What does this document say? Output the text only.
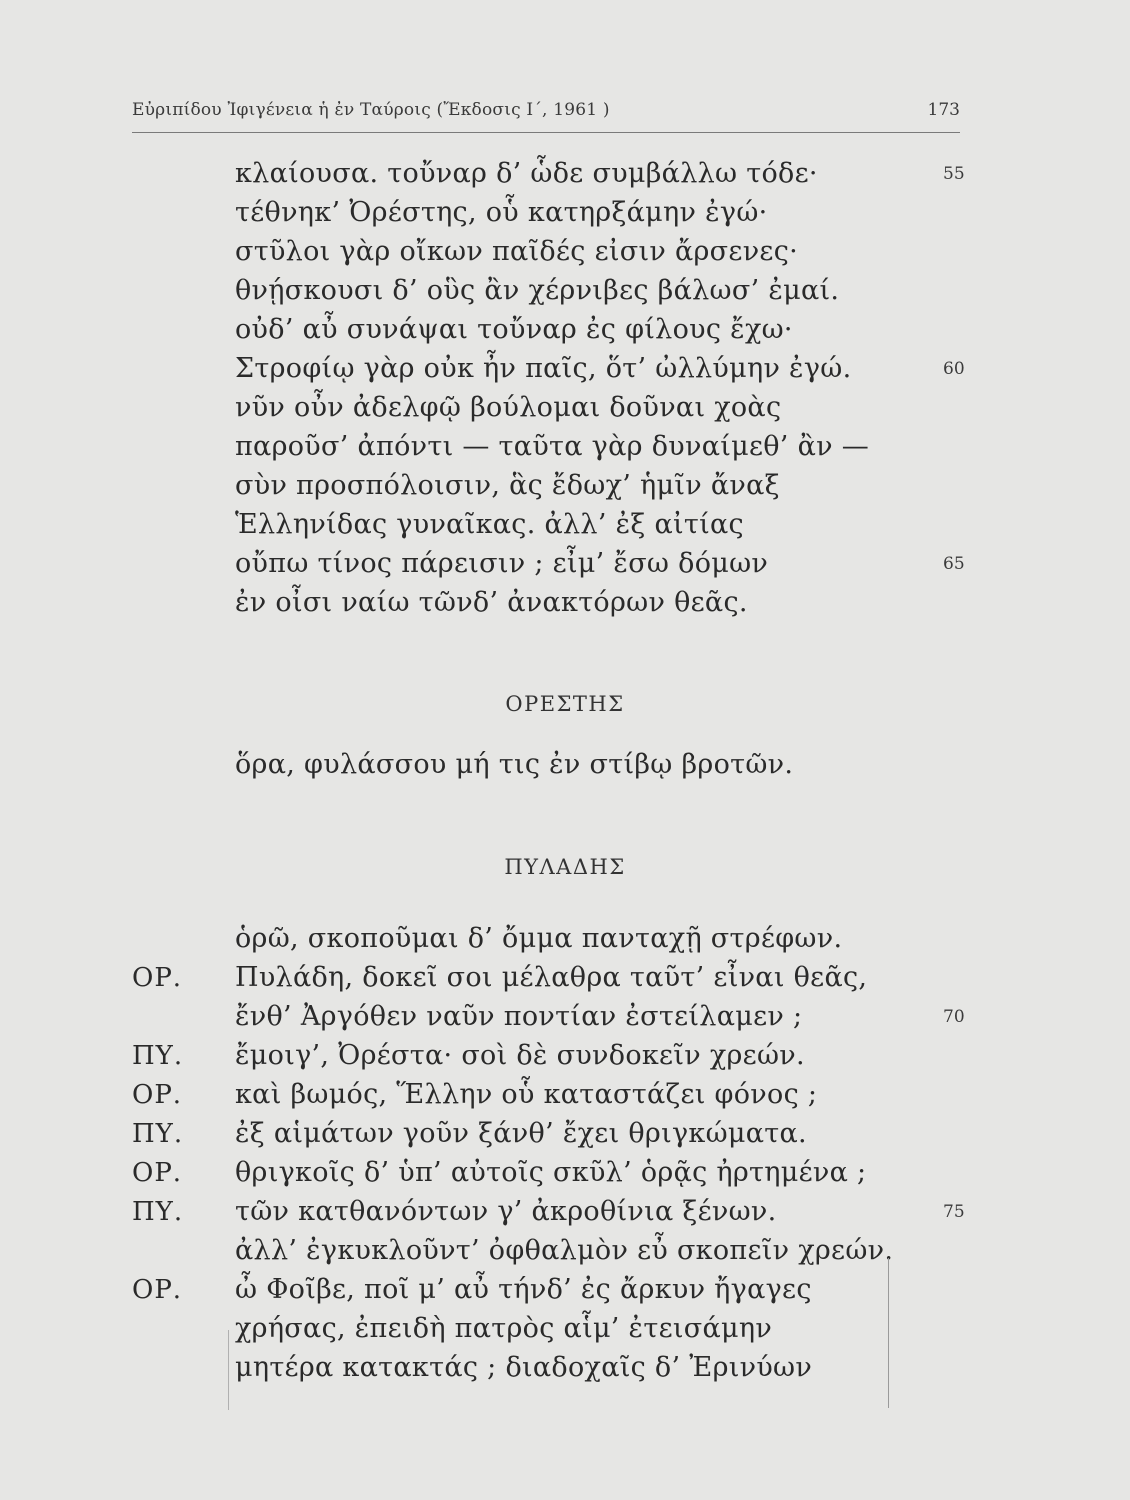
Εὐριπίδου Ἰφιγένεια ἡ ἐν Ταύροις (Ἔκδοσις Ι΄, 1961 )	173
κλαίουσα. τοὔναρ δ’ ὧδε συμβάλλω τόδε·
τέθνηκ’ Ὀρέστης, οὗ κατηρξάμην ἐγώ·
στῦλοι γὰρ οἴκων παῖδές εἰσιν ἄρσενες·
θνῄσκουσι δ’ οὓς ἂν χέρνιβες βάλωσ’ ἐμαί.
οὐδ’ αὖ συνάψαι τοὔναρ ἐς φίλους ἔχω·
Στροφίῳ γὰρ οὐκ ἦν παῖς, ὅτ’ ὠλλύμην ἐγώ.
νῦν οὖν ἀδελφῷ βούλομαι δοῦναι χοὰς
παροῦσ’ ἀπόντι — ταῦτα γὰρ δυναίμεθ’ ἂν —
σὺν προσπόλοισιν, ἃς ἔδωχ’ ἡμῖν ἄναξ
Ἑλληνίδας γυναῖκας. ἀλλ’ ἐξ αἰτίας
οὔπω τίνος πάρεισιν ; εἶμ’ ἔσω δόμων
ἐν οἶσι ναίω τῶνδ’ ἀνακτόρων θεᾶς.
55
60
65
ΟΡΕΣΤΗΣ
ὅρα, φυλάσσου μή τις ἐν στίβῳ βροτῶν.
ΠΥΛΑΔΗΣ
ὁρῶ, σκοποῦμαι δ’ ὄμμα πανταχῇ στρέφων.
Πυλάδη, δοκεῖ σοι μέλαθρα ταῦτ’ εἶναι θεᾶς,
ἔνθ’ Ἀργόθεν ναῦν ποντίαν ἐστείλαμεν ;
ἔμοιγ’, Ὀρέστα· σοὶ δὲ συνδοκεῖν χρεών.
καὶ βωμός, Ἕλλην οὗ καταστάζει φόνος ;
ἐξ αἱμάτων γοῦν ξάνθ’ ἔχει θριγκώματα.
θριγκοῖς δ’ ὑπ’ αὐτοῖς σκῦλ’ ὁρᾷς ἠρτημένα ;
τῶν κατθανόντων γ’ ἀκροθίνια ξένων.
ἀλλ’ ἐγκυκλοῦντ’ ὀφθαλμὸν εὖ σκοπεῖν χρεών.
ὦ Φοῖβε, ποῖ μ’ αὖ τήνδ’ ἐς ἄρκυν ἤγαγες
χρήσας, ἐπειδὴ πατρὸς αἷμ’ ἐτεισάμην
μητέρα κατακτάς ; διαδοχαῖς δ’ Ἐρινύων
ΟΡ.
ΠΥ.
ΟΡ.
ΠΥ.
ΟΡ.
ΠΥ.
ΟΡ.
70
75
